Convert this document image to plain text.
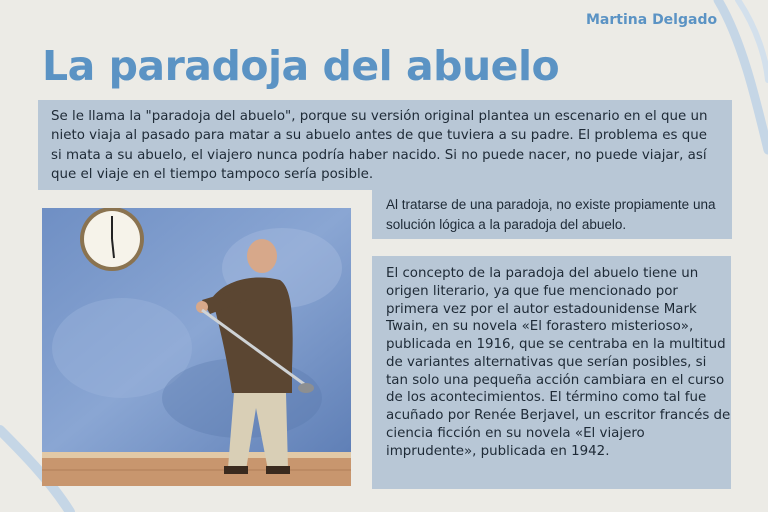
Martina Delgado
La paradoja del abuelo
Se le llama la "paradoja del abuelo", porque su versión original plantea un escenario en el que un nieto viaja al pasado para matar a su abuelo antes de que tuviera a su padre. El problema es que si mata a su abuelo, el viajero nunca podría haber nacido. Si no puede nacer, no puede viajar, así que el viaje en el tiempo tampoco sería posible.
Al tratarse de una paradoja, no existe propiamente una solución lógica a la paradoja del abuelo.
El concepto de la paradoja del abuelo tiene un origen literario, ya que fue mencionado por primera vez por el autor estadounidense Mark Twain, en su novela «El forastero misterioso», publicada en 1916, que se centraba en la multitud de variantes alternativas que serían posibles, si tan solo una pequeña acción cambiara en el curso de los acontecimientos. El término como tal fue acuñado por Renée Berjavel, un escritor francés de ciencia ficción en su novela «El viajero imprudente», publicada en 1942.
